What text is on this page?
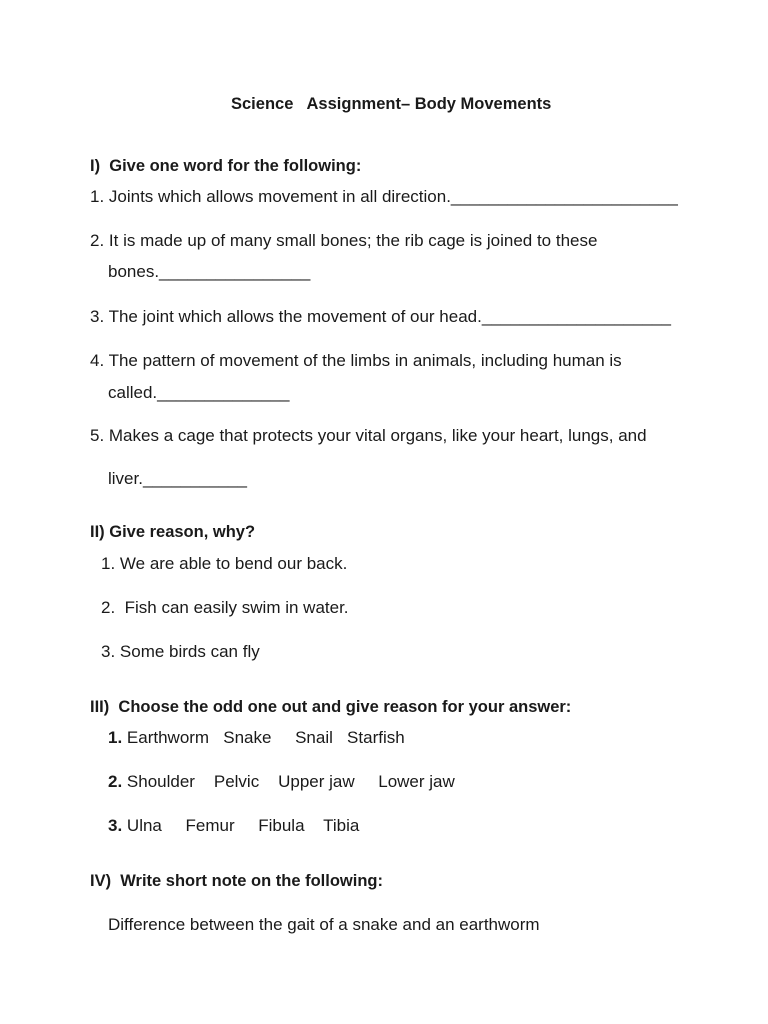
Science   Assignment– Body Movements
I)  Give one word for the following:
1. Joints which allows movement in all direction.________________________
2. It is made up of many small bones; the rib cage is joined to these
bones.________________
3. The joint which allows the movement of our head.____________________
4. The pattern of movement of the limbs in animals, including human is
called.______________
5. Makes a cage that protects your vital organs, like your heart, lungs, and
liver.___________
II) Give reason, why?
1. We are able to bend our back.
2.  Fish can easily swim in water.
3. Some birds can fly
III)  Choose the odd one out and give reason for your answer:
1. Earthworm   Snake     Snail   Starfish
2. Shoulder    Pelvic    Upper jaw     Lower jaw
3. Ulna     Femur     Fibula    Tibia
IV)  Write short note on the following:
Difference between the gait of a snake and an earthworm
